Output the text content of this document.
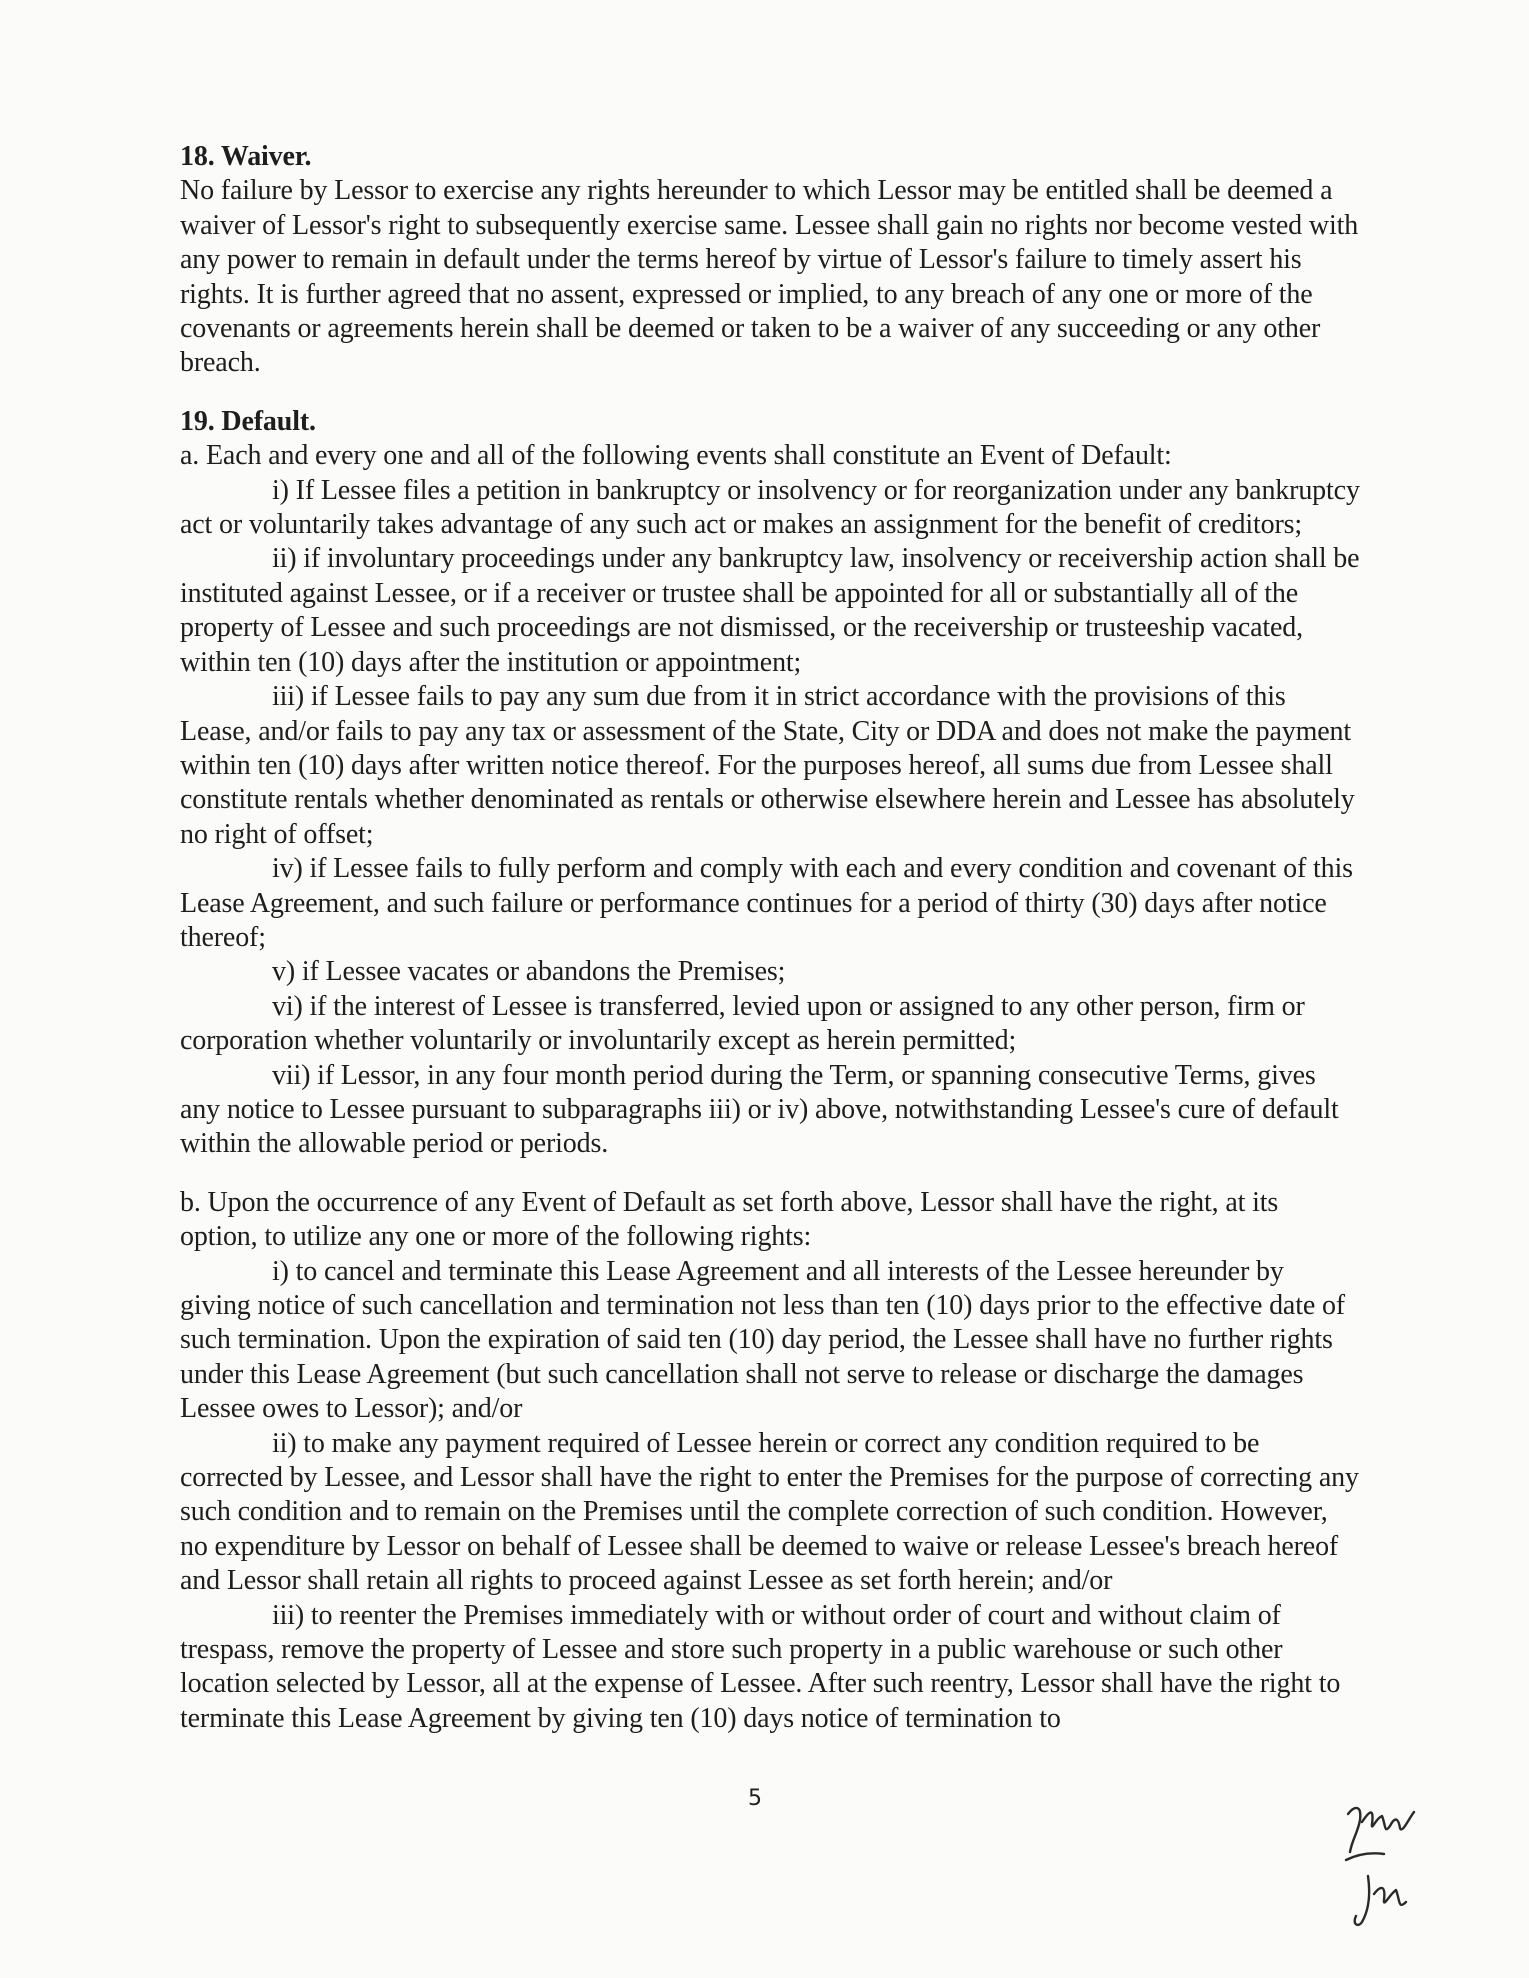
18. Waiver.

No failure by Lessor to exercise any rights hereunder to which Lessor may be entitled shall be deemed a waiver of Lessor's right to subsequently exercise same. Lessee shall gain no rights nor become vested with any power to remain in default under the terms hereof by virtue of Lessor's failure to timely assert his rights. It is further agreed that no assent, expressed or implied, to any breach of any one or more of the covenants or agreements herein shall be deemed or taken to be a waiver of any succeeding or any other breach.

19. Default.

a. Each and every one and all of the following events shall constitute an Event of Default:

i) If Lessee files a petition in bankruptcy or insolvency or for reorganization under any bankruptcy act or voluntarily takes advantage of any such act or makes an assignment for the benefit of creditors;

ii) if involuntary proceedings under any bankruptcy law, insolvency or receivership action shall be instituted against Lessee, or if a receiver or trustee shall be appointed for all or substantially all of the property of Lessee and such proceedings are not dismissed, or the receivership or trusteeship vacated, within ten (10) days after the institution or appointment;

iii) if Lessee fails to pay any sum due from it in strict accordance with the provisions of this Lease, and/or fails to pay any tax or assessment of the State, City or DDA and does not make the payment within ten (10) days after written notice thereof. For the purposes hereof, all sums due from Lessee shall constitute rentals whether denominated as rentals or otherwise elsewhere herein and Lessee has absolutely no right of offset;

iv) if Lessee fails to fully perform and comply with each and every condition and covenant of this Lease Agreement, and such failure or performance continues for a period of thirty (30) days after notice thereof;

v) if Lessee vacates or abandons the Premises;

vi) if the interest of Lessee is transferred, levied upon or assigned to any other person, firm or corporation whether voluntarily or involuntarily except as herein permitted;

vii) if Lessor, in any four month period during the Term, or spanning consecutive Terms, gives any notice to Lessee pursuant to subparagraphs iii) or iv) above, notwithstanding Lessee's cure of default within the allowable period or periods.

b. Upon the occurrence of any Event of Default as set forth above, Lessor shall have the right, at its option, to utilize any one or more of the following rights:

i) to cancel and terminate this Lease Agreement and all interests of the Lessee hereunder by giving notice of such cancellation and termination not less than ten (10) days prior to the effective date of such termination. Upon the expiration of said ten (10) day period, the Lessee shall have no further rights under this Lease Agreement (but such cancellation shall not serve to release or discharge the damages Lessee owes to Lessor); and/or

ii) to make any payment required of Lessee herein or correct any condition required to be corrected by Lessee, and Lessor shall have the right to enter the Premises for the purpose of correcting any such condition and to remain on the Premises until the complete correction of such condition. However, no expenditure by Lessor on behalf of Lessee shall be deemed to waive or release Lessee's breach hereof and Lessor shall retain all rights to proceed against Lessee as set forth herein; and/or

iii) to reenter the Premises immediately with or without order of court and without claim of trespass, remove the property of Lessee and store such property in a public warehouse or such other location selected by Lessor, all at the expense of Lessee. After such reentry, Lessor shall have the right to terminate this Lease Agreement by giving ten (10) days notice of termination to

5
